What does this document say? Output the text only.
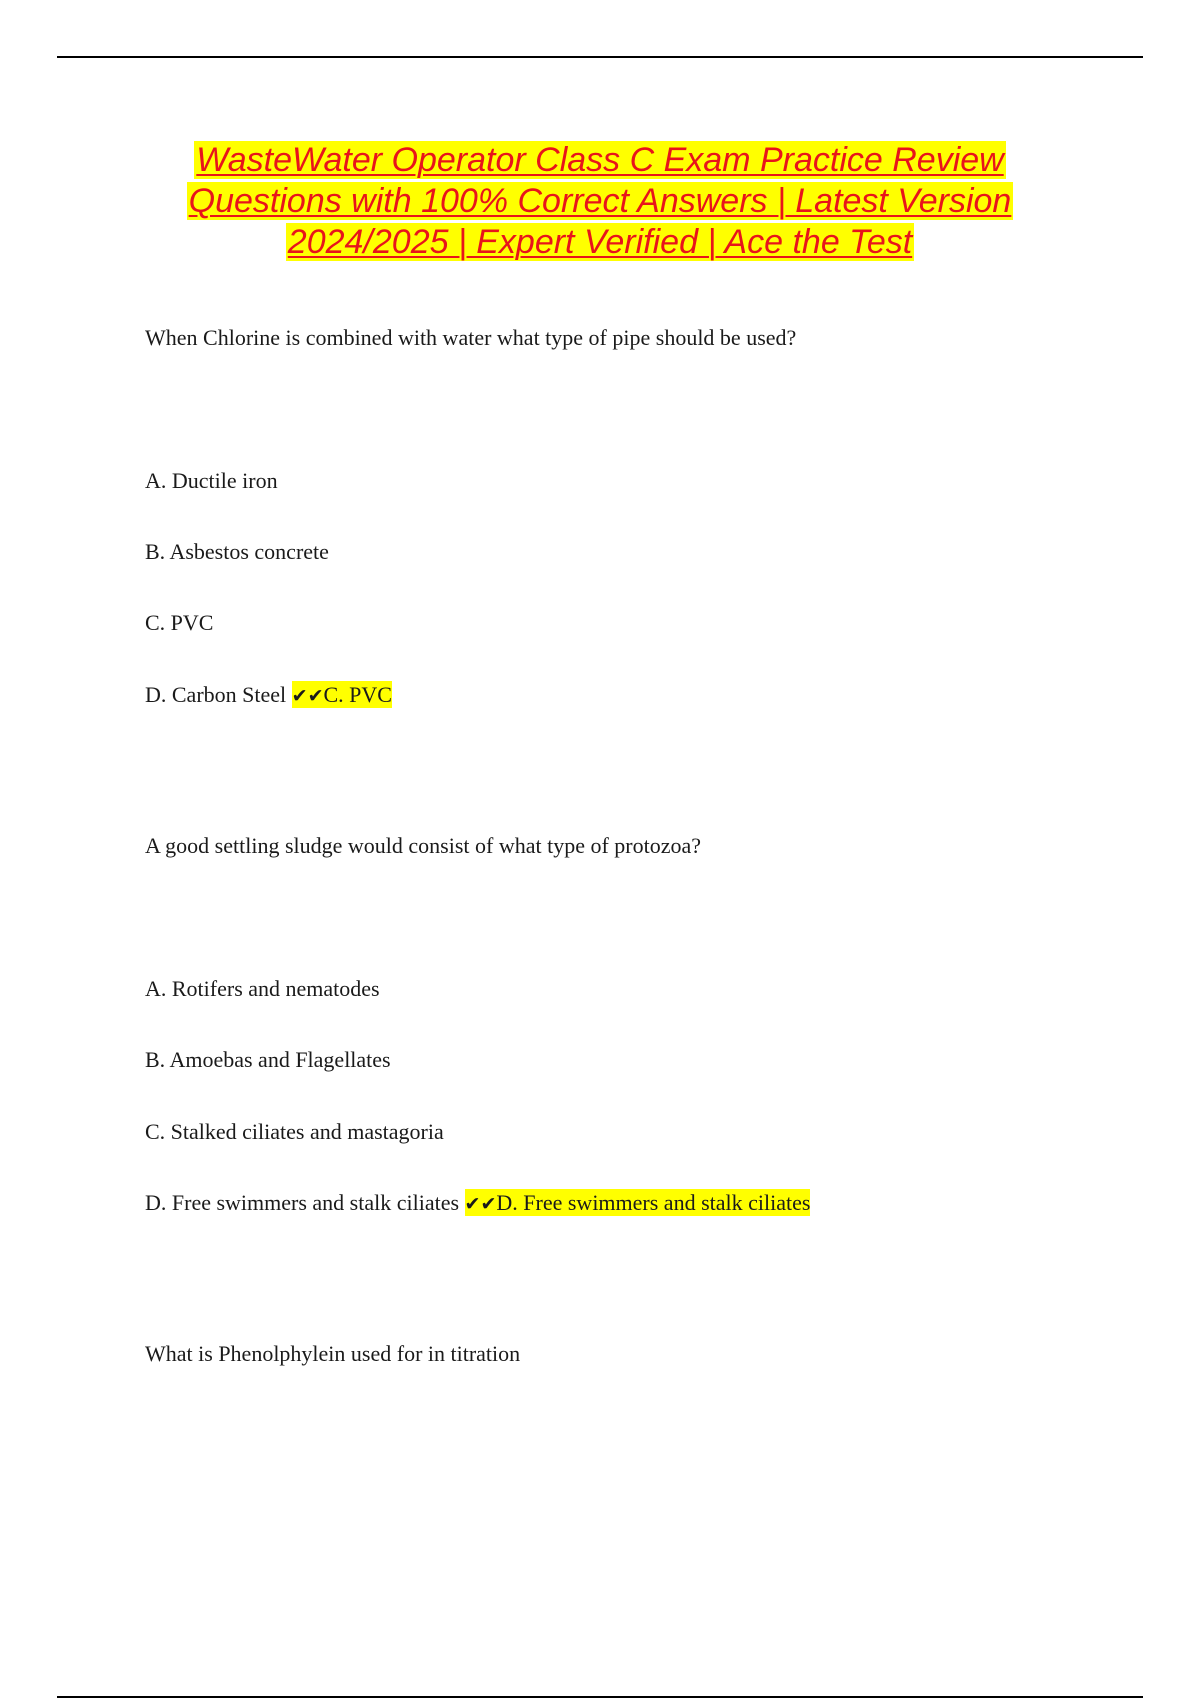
WasteWater Operator Class C Exam Practice Review
Questions with 100% Correct Answers | Latest Version
2024/2025 | Expert Verified | Ace the Test
When Chlorine is combined with water what type of pipe should be used?
A. Ductile iron
B. Asbestos concrete
C. PVC
D. Carbon Steel ✔✔C. PVC
A good settling sludge would consist of what type of protozoa?
A. Rotifers and nematodes
B. Amoebas and Flagellates
C. Stalked ciliates and mastagoria
D. Free swimmers and stalk ciliates ✔✔D. Free swimmers and stalk ciliates
What is Phenolphylein used for in titration
